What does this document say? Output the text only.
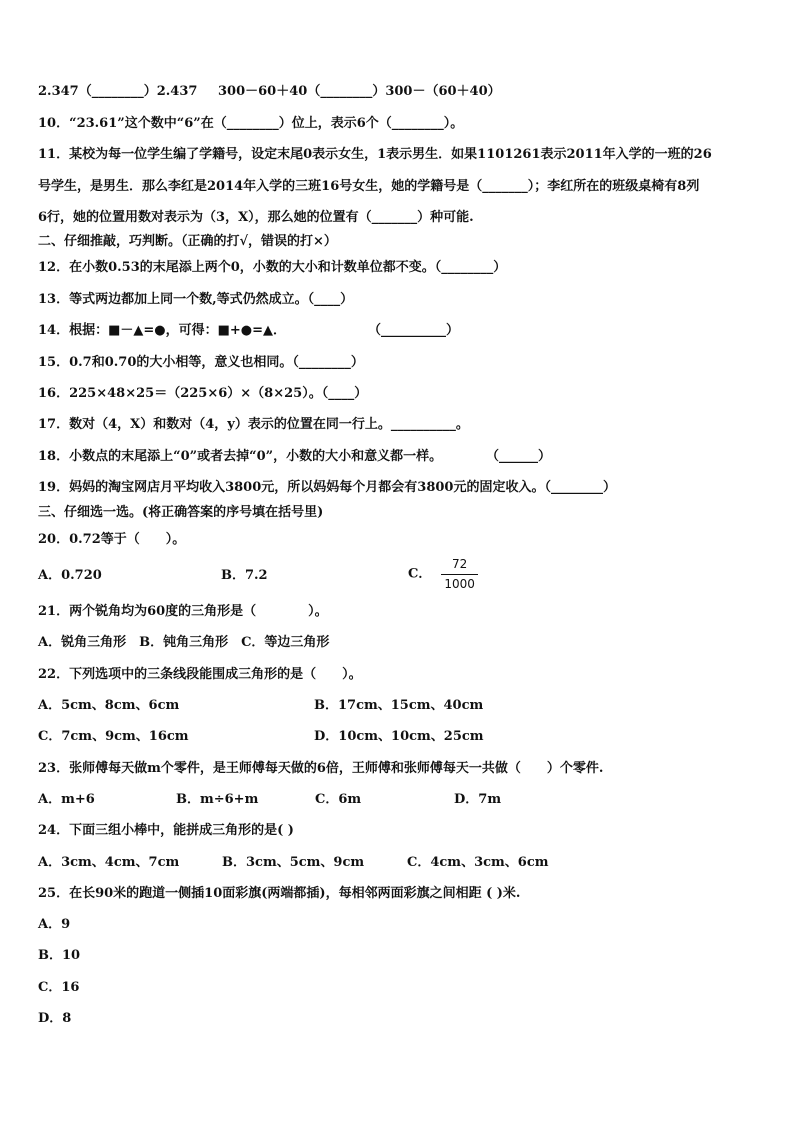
2.347（________）2.437 300－60＋40（________）300－（60＋40）
10．“23.61”这个数中“6”在（________）位上，表示6个（________）。
11．某校为每一位学生编了学籍号，设定末尾0表示女生，1表示男生．如果1101261表示2011年入学的一班的26
号学生，是男生．那么李红是2014年入学的三班16号女生，她的学籍号是（_______）；李红所在的班级桌椅有8列
6行，她的位置用数对表示为（3，X），那么她的位置有（_______）种可能.
二、仔细推敲，巧判断。（正确的打√，错误的打×）
12．在小数0.53的末尾添上两个0，小数的大小和计数单位都不变。（________）
13．等式两边都加上同一个数,等式仍然成立。（____）
14．根据：■－▲=●，可得：■+●=▲．	（__________）
15．0.7和0.70的大小相等，意义也相同。（________）
16．225×48×25＝（225×6）×（8×25）。（____）
17．数对（4，X）和数对（4，y）表示的位置在同一行上。__________。
18．小数点的末尾添上“0”或者去掉“0”，小数的大小和意义都一样。	（______）
19．妈妈的淘宝网店月平均收入3800元，所以妈妈每个月都会有3800元的固定收入。（________）
三、仔细选一选。(将正确答案的序号填在括号里)
20．0.72等于（　　）。
A．0.720	B．7.2	C． $\frac{72}{1000}$
21．两个锐角均为60度的三角形是（　　　　）。
A．锐角三角形　B．钝角三角形　C．等边三角形
22．下列选项中的三条线段能围成三角形的是（　　）。
A．5cm、8cm、6cm	B．17cm、15cm、40cm
C．7cm、9cm、16cm	D．10cm、10cm、25cm
23．张师傅每天做m个零件，是王师傅每天做的6倍，王师傅和张师傅每天一共做（　　）个零件.
A．m+6	B．m÷6+m	C．6m	D．7m
24．下面三组小棒中，能拼成三角形的是( )
A．3cm、4cm、7cm	B．3cm、5cm、9cm	C．4cm、3cm、6cm
25．在长90米的跑道一侧插10面彩旗(两端都插)，每相邻两面彩旗之间相距 ( )米.
A．9
B．10
C．16
D．8
